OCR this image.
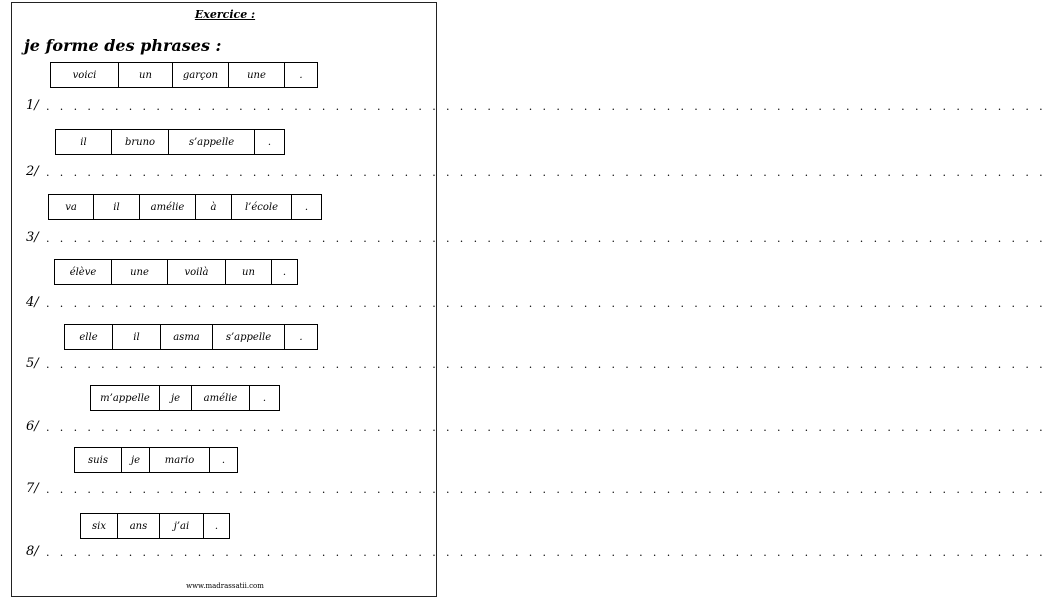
Exercice :
je forme des phrases :
voici	un	garçon	une	.
1/ . . . . . . . . . . . . . . . . . . . . . . . . . . . . . . . . . . . . . . . . . . . . . . . . . . . . . . . . . . . . . . . . . . . . . . . . .
il	bruno	s’appelle	.
2/ . . . . . . . . . . . . . . . . . . . . . . . . . . . . . . . . . . . . . . . . . . . . . . . . . . . . . . . . . . . . . . . . . . . . . . . . .
va	il	amélie	à	l’école	.
3/ . . . . . . . . . . . . . . . . . . . . . . . . . . . . . . . . . . . . . . . . . . . . . . . . . . . . . . . . . . . . . . . . . . . . . . . . .
élève	une	voilà	un	.
4/ . . . . . . . . . . . . . . . . . . . . . . . . . . . . . . . . . . . . . . . . . . . . . . . . . . . . . . . . . . . . . . . . . . . . . . . . .
elle	il	asma	s’appelle	.
5/ . . . . . . . . . . . . . . . . . . . . . . . . . . . . . . . . . . . . . . . . . . . . . . . . . . . . . . . . . . . . . . . . . . . . . . . . .
m’appelle	je	amélie	.
6/ . . . . . . . . . . . . . . . . . . . . . . . . . . . . . . . . . . . . . . . . . . . . . . . . . . . . . . . . . . . . . . . . . . . . . . . . .
suis	je	mario	.
7/ . . . . . . . . . . . . . . . . . . . . . . . . . . . . . . . . . . . . . . . . . . . . . . . . . . . . . . . . . . . . . . . . . . . . . . . . .
six	ans	j’ai	.
8/ . . . . . . . . . . . . . . . . . . . . . . . . . . . . . . . . . . . . . . . . . . . . . . . . . . . . . . . . . . . . . . . . . . . . . . . . .
www.madrassatii.com
